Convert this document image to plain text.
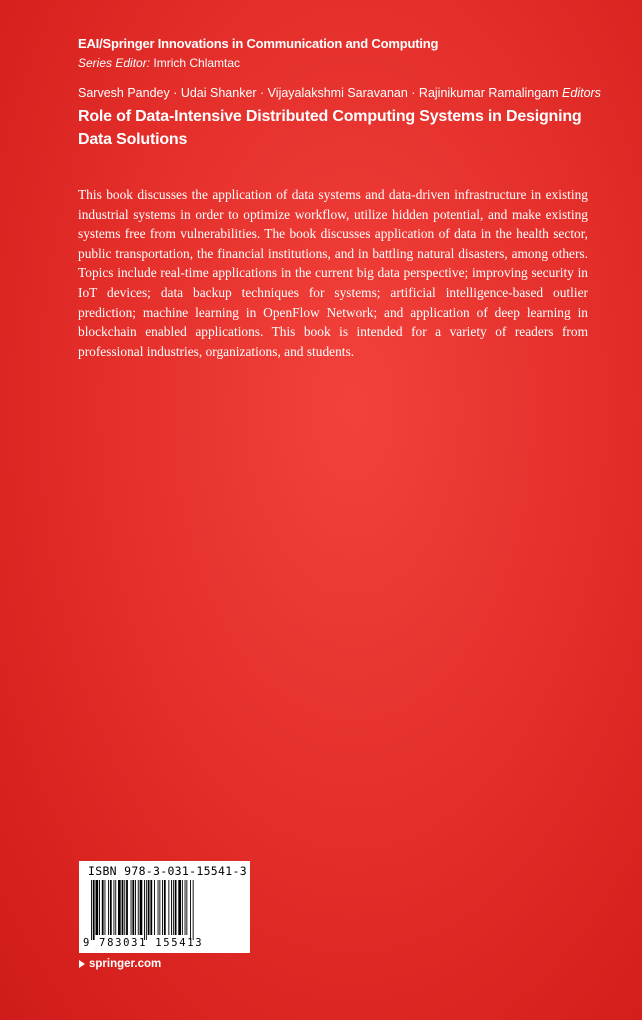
EAI/Springer Innovations in Communication and Computing
Series Editor: Imrich Chlamtac
Sarvesh Pandey · Udai Shanker · Vijayalakshmi Saravanan · Rajinikumar Ramalingam Editors
Role of Data-Intensive Distributed Computing Systems in Designing Data Solutions
This book discusses the application of data systems and data-driven infrastructure in existing industrial systems in order to optimize workflow, utilize hidden potential, and make existing systems free from vulnerabilities. The book discusses application of data in the health sector, public transportation, the financial institutions, and in battling natural disasters, among others. Topics include real-time applications in the current big data perspective; improving security in IoT devices; data backup techniques for systems; artificial intelligence-based outlier prediction; machine learning in OpenFlow Network; and application of deep learning in blockchain enabled applications. This book is intended for a variety of readers from professional industries, organizations, and students.
ISBN 978-3-031-15541-3
9 783031 155413
springer.com
